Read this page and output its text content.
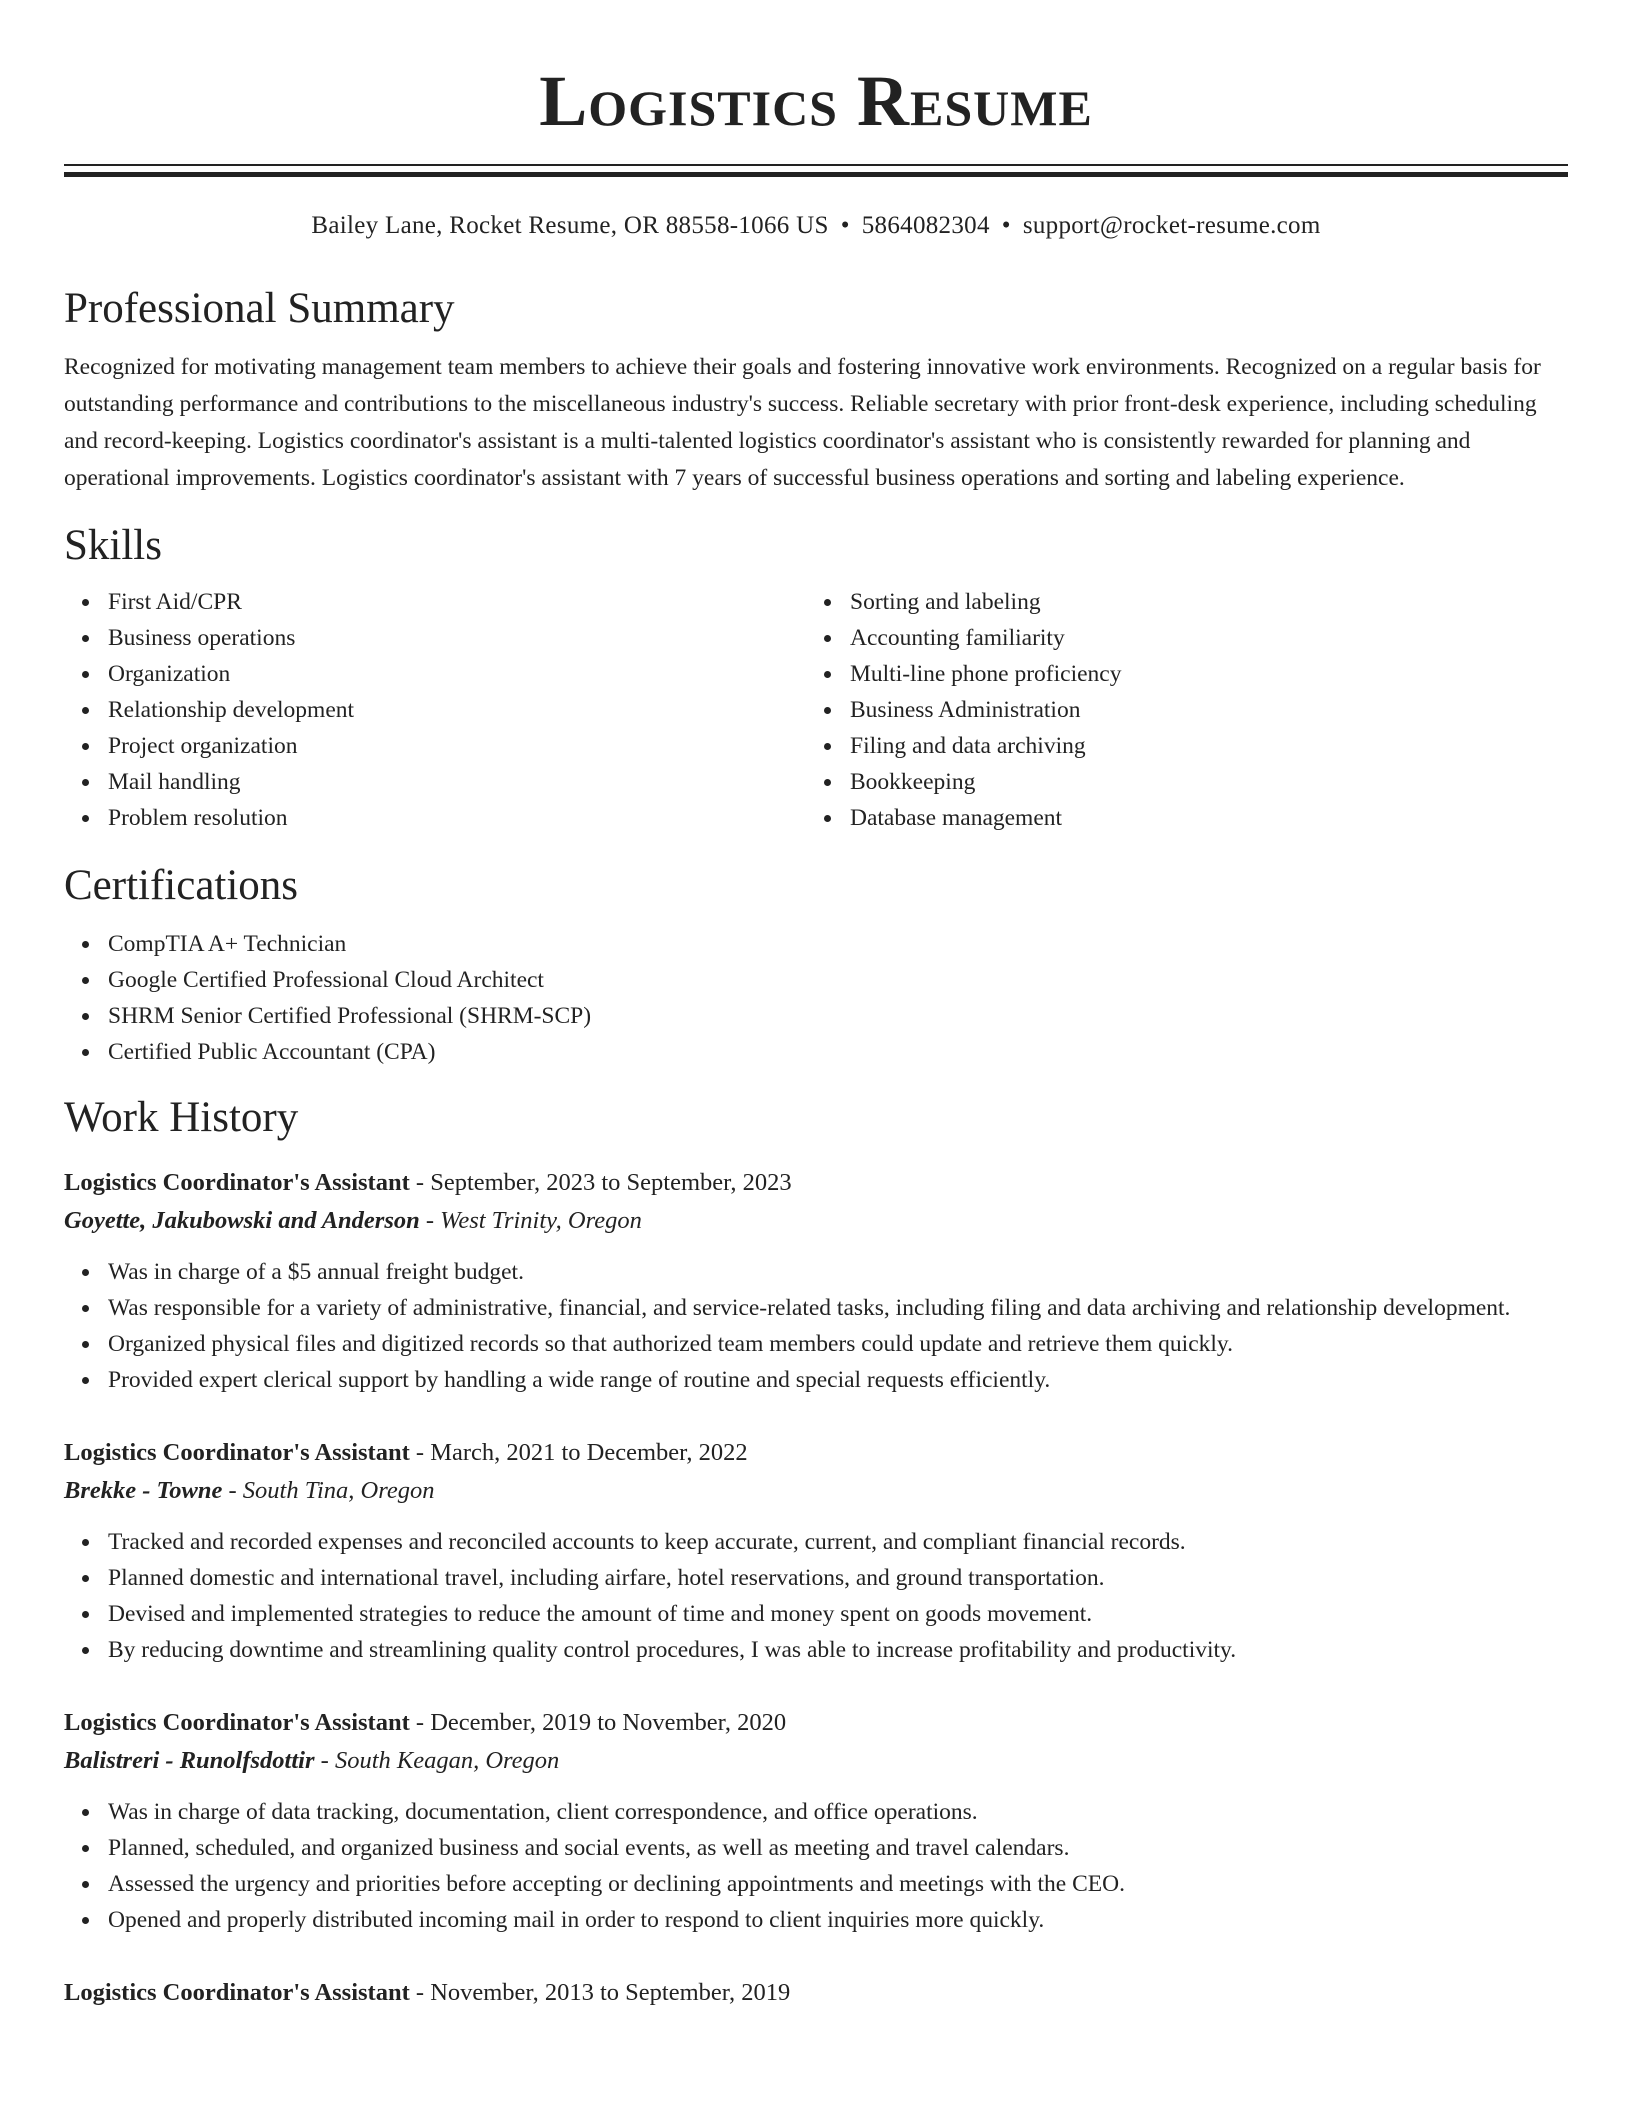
Logistics Resume
Bailey Lane, Rocket Resume, OR 88558-1066 US • 5864082304 • support@rocket-resume.com
Professional Summary

Recognized for motivating management team members to achieve their goals and fostering innovative work environments. Recognized on a regular basis for outstanding performance and contributions to the miscellaneous industry's success. Reliable secretary with prior front-desk experience, including scheduling and record-keeping. Logistics coordinator's assistant is a multi-talented logistics coordinator's assistant who is consistently rewarded for planning and operational improvements. Logistics coordinator's assistant with 7 years of successful business operations and sorting and labeling experience.

Skills
First Aid/CPR
Business operations
Organization
Relationship development
Project organization
Mail handling
Problem resolution
Sorting and labeling
Accounting familiarity
Multi-line phone proficiency
Business Administration
Filing and data archiving
Bookkeeping
Database management
Certifications
CompTIA A+ Technician
Google Certified Professional Cloud Architect
SHRM Senior Certified Professional (SHRM-SCP)
Certified Public Accountant (CPA)
Work History
Logistics Coordinator's Assistant - September, 2023 to September, 2023
Goyette, Jakubowski and Anderson - West Trinity, Oregon
Was in charge of a $5 annual freight budget.
Was responsible for a variety of administrative, financial, and service-related tasks, including filing and data archiving and relationship development.
Organized physical files and digitized records so that authorized team members could update and retrieve them quickly.
Provided expert clerical support by handling a wide range of routine and special requests efficiently.
Logistics Coordinator's Assistant - March, 2021 to December, 2022
Brekke - Towne - South Tina, Oregon
Tracked and recorded expenses and reconciled accounts to keep accurate, current, and compliant financial records.
Planned domestic and international travel, including airfare, hotel reservations, and ground transportation.
Devised and implemented strategies to reduce the amount of time and money spent on goods movement.
By reducing downtime and streamlining quality control procedures, I was able to increase profitability and productivity.
Logistics Coordinator's Assistant - December, 2019 to November, 2020
Balistreri - Runolfsdottir - South Keagan, Oregon
Was in charge of data tracking, documentation, client correspondence, and office operations.
Planned, scheduled, and organized business and social events, as well as meeting and travel calendars.
Assessed the urgency and priorities before accepting or declining appointments and meetings with the CEO.
Opened and properly distributed incoming mail in order to respond to client inquiries more quickly.
Logistics Coordinator's Assistant - November, 2013 to September, 2019
